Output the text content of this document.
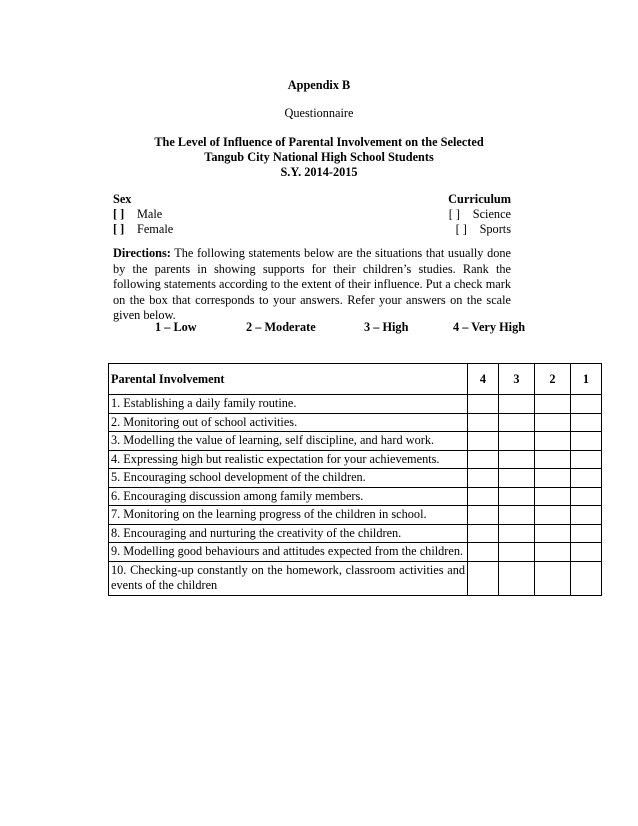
Appendix B
Questionnaire
The Level of Influence of Parental Involvement on the Selected
Tangub City National High School Students
S.Y. 2014-2015
Sex
[ ] Male
[ ] Female
Curriculum
[ ] Science
[ ] Sports
Directions: The following statements below are the situations that usually done by the parents in showing supports for their children’s studies. Rank the following statements according to the extent of their influence. Put a check mark on the box that corresponds to your answers. Refer your answers on the scale given below.
1 – Low	2 – Moderate	3 – High	4 – Very High
Parental Involvement	4	3	2	1
1. Establishing a daily family routine.				
2. Monitoring out of school activities.				
3. Modelling the value of learning, self discipline, and hard work.				
4. Expressing high but realistic expectation for your achievements.				
5. Encouraging school development of the children.				
6. Encouraging discussion among family members.				
7. Monitoring on the learning progress of the children in school.				
8. Encouraging and nurturing the creativity of the children.				
9. Modelling good behaviours and attitudes expected from the children.				
10. Checking-up constantly on the homework, classroom activities and events of the children				
